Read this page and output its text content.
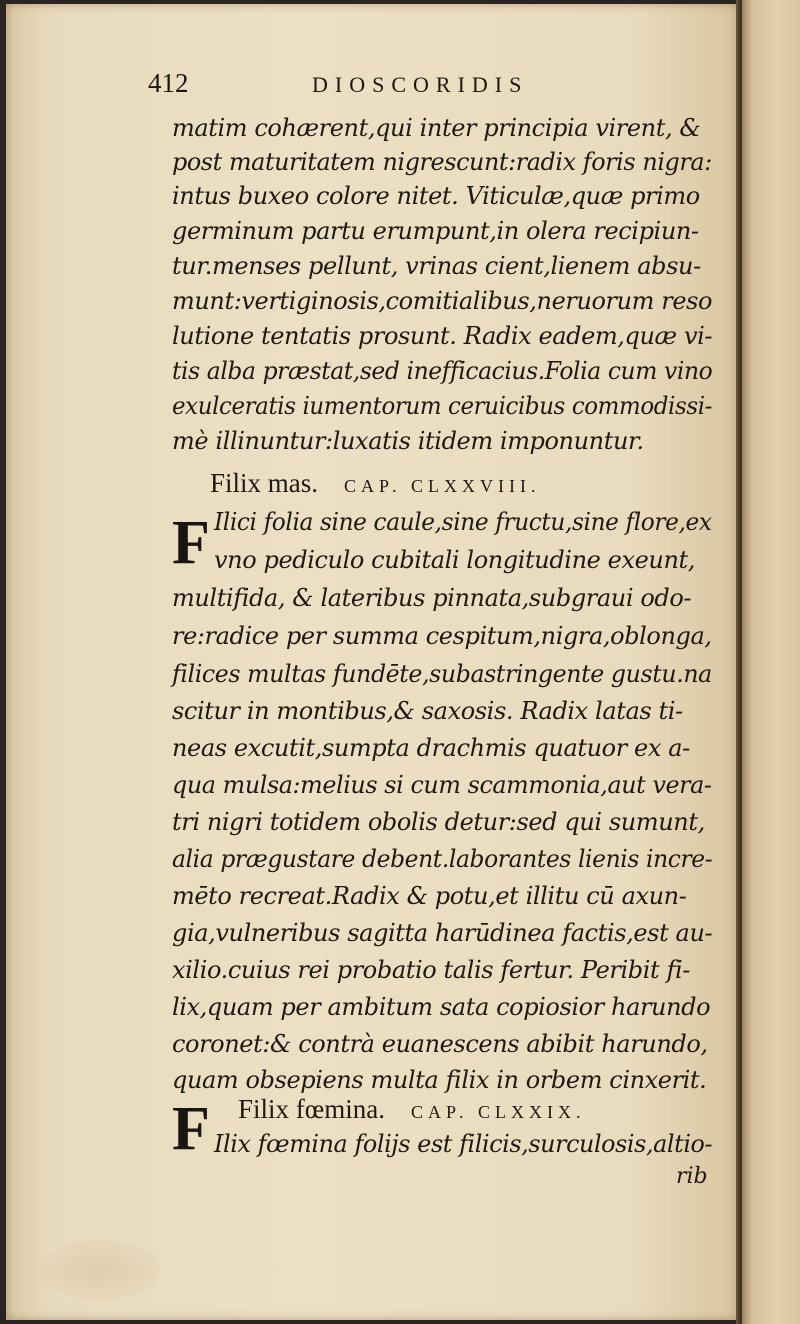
412	DIOSCORIDIS
matim cohærent,qui inter principia virent, &
post maturitatem nigrescunt:radix foris nigra:
intus buxeo colore nitet. Viticulæ,quæ primo
germinum partu erumpunt,in olera recipiun-
tur.menses pellunt, vrinas cient,lienem absu-
munt:vertiginosis,comitialibus,neruorum reso
lutione tentatis prosunt. Radix eadem,quæ vi-
tis alba præstat,sed inefficacius.Folia cum vino
exulceratis iumentorum ceruicibus commodissi-
mè illinuntur:luxatis itidem imponuntur.
Filix mas. CAP. CLXXVIII.
F Ilici folia sine caule,sine fructu,sine flore,ex
vno pediculo cubitali longitudine exeunt,
multifida, & lateribus pinnata,subgraui odo-
re:radice per summa cespitum,nigra,oblonga,
filices multas fundēte,subastringente gustu.na
scitur in montibus,& saxosis. Radix latas ti-
neas excutit,sumpta drachmis quatuor ex a-
qua mulsa:melius si cum scammonia,aut vera-
tri nigri totidem obolis detur:sed qui sumunt,
alia prægustare debent.laborantes lienis incre-
mēto recreat.Radix & potu,et illitu cū axun-
gia,vulneribus sagitta harūdinea factis,est au-
xilio.cuius rei probatio talis fertur. Peribit fi-
lix,quam per ambitum sata copiosior harundo
coronet:& contrà euanescens abibit harundo,
quam obsepiens multa filix in orbem cinxerit.
F Filix fœmina. CAP. CLXXIX.
Ilix fœmina folijs est filicis,surculosis,altio-
rib
